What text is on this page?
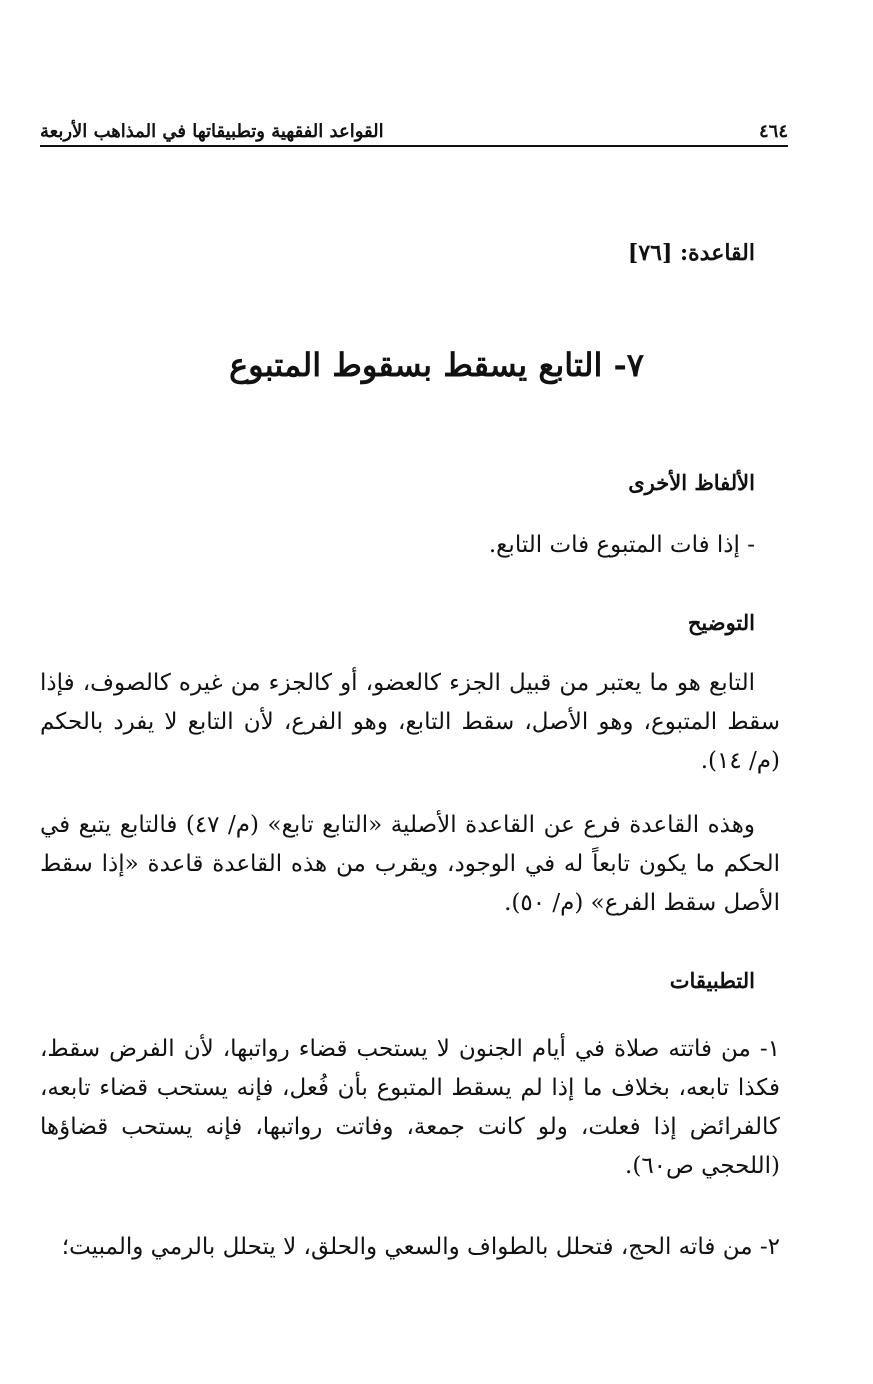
٤٦٤
القواعد الفقهية وتطبيقاتها في المذاهب الأربعة
القاعدة: [٧٦]
٧- التابع يسقط بسقوط المتبوع
الألفاظ الأخرى
- إذا فات المتبوع فات التابع.
التوضيح
التابع هو ما يعتبر من قبيل الجزء كالعضو، أو كالجزء من غيره كالصوف، فإذا سقط المتبوع، وهو الأصل، سقط التابع، وهو الفرع، لأن التابع لا يفرد بالحكم (م/ ١٤).
وهذه القاعدة فرع عن القاعدة الأصلية «التابع تابع» (م/ ٤٧) فالتابع يتبع في الحكم ما يكون تابعاً له في الوجود، ويقرب من هذه القاعدة قاعدة «إذا سقط الأصل سقط الفرع» (م/ ٥٠).
التطبيقات
١- من فاتته صلاة في أيام الجنون لا يستحب قضاء رواتبها، لأن الفرض سقط، فكذا تابعه، بخلاف ما إذا لم يسقط المتبوع بأن فُعل، فإنه يستحب قضاء تابعه، كالفرائض إذا فعلت، ولو كانت جمعة، وفاتت رواتبها، فإنه يستحب قضاؤها (اللحجي ص٦٠).
٢- من فاته الحج، فتحلل بالطواف والسعي والحلق، لا يتحلل بالرمي والمبيت؛
